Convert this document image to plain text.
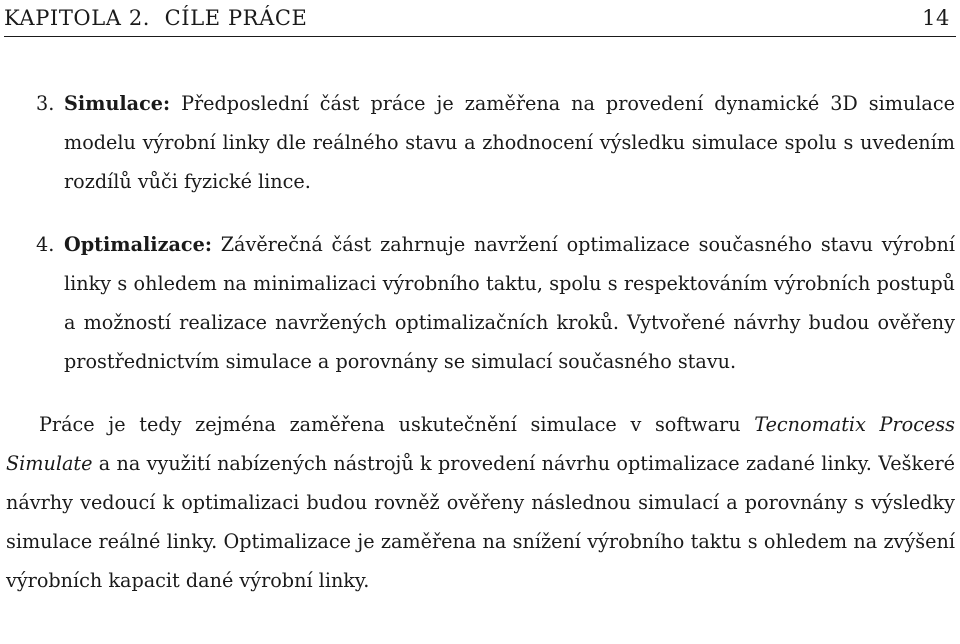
KAPITOLA 2. CÍLE PRÁCE	14

3. Simulace: Předposlední část práce je zaměřena na provedení dynamické 3D simulace modelu výrobní linky dle reálného stavu a zhodnocení výsledku simulace spolu s uvedením rozdílů vůči fyzické lince.

4. Optimalizace: Závěrečná část zahrnuje navržení optimalizace současného stavu výrobní linky s ohledem na minimalizaci výrobního taktu, spolu s respektováním výrobních postupů a možností realizace navržených optimalizačních kroků. Vytvořené návrhy budou ověřeny prostřednictvím simulace a porovnány se simulací současného stavu.

Práce je tedy zejména zaměřena uskutečnění simulace v softwaru Tecnomatix Process Simulate a na využití nabízených nástrojů k provedení návrhu optimalizace zadané linky. Veškeré návrhy vedoucí k optimalizaci budou rovněž ověřeny následnou simulací a porovnány s výsledky simulace reálné linky. Optimalizace je zaměřena na snížení výrobního taktu s ohledem na zvýšení výrobních kapacit dané výrobní linky.
